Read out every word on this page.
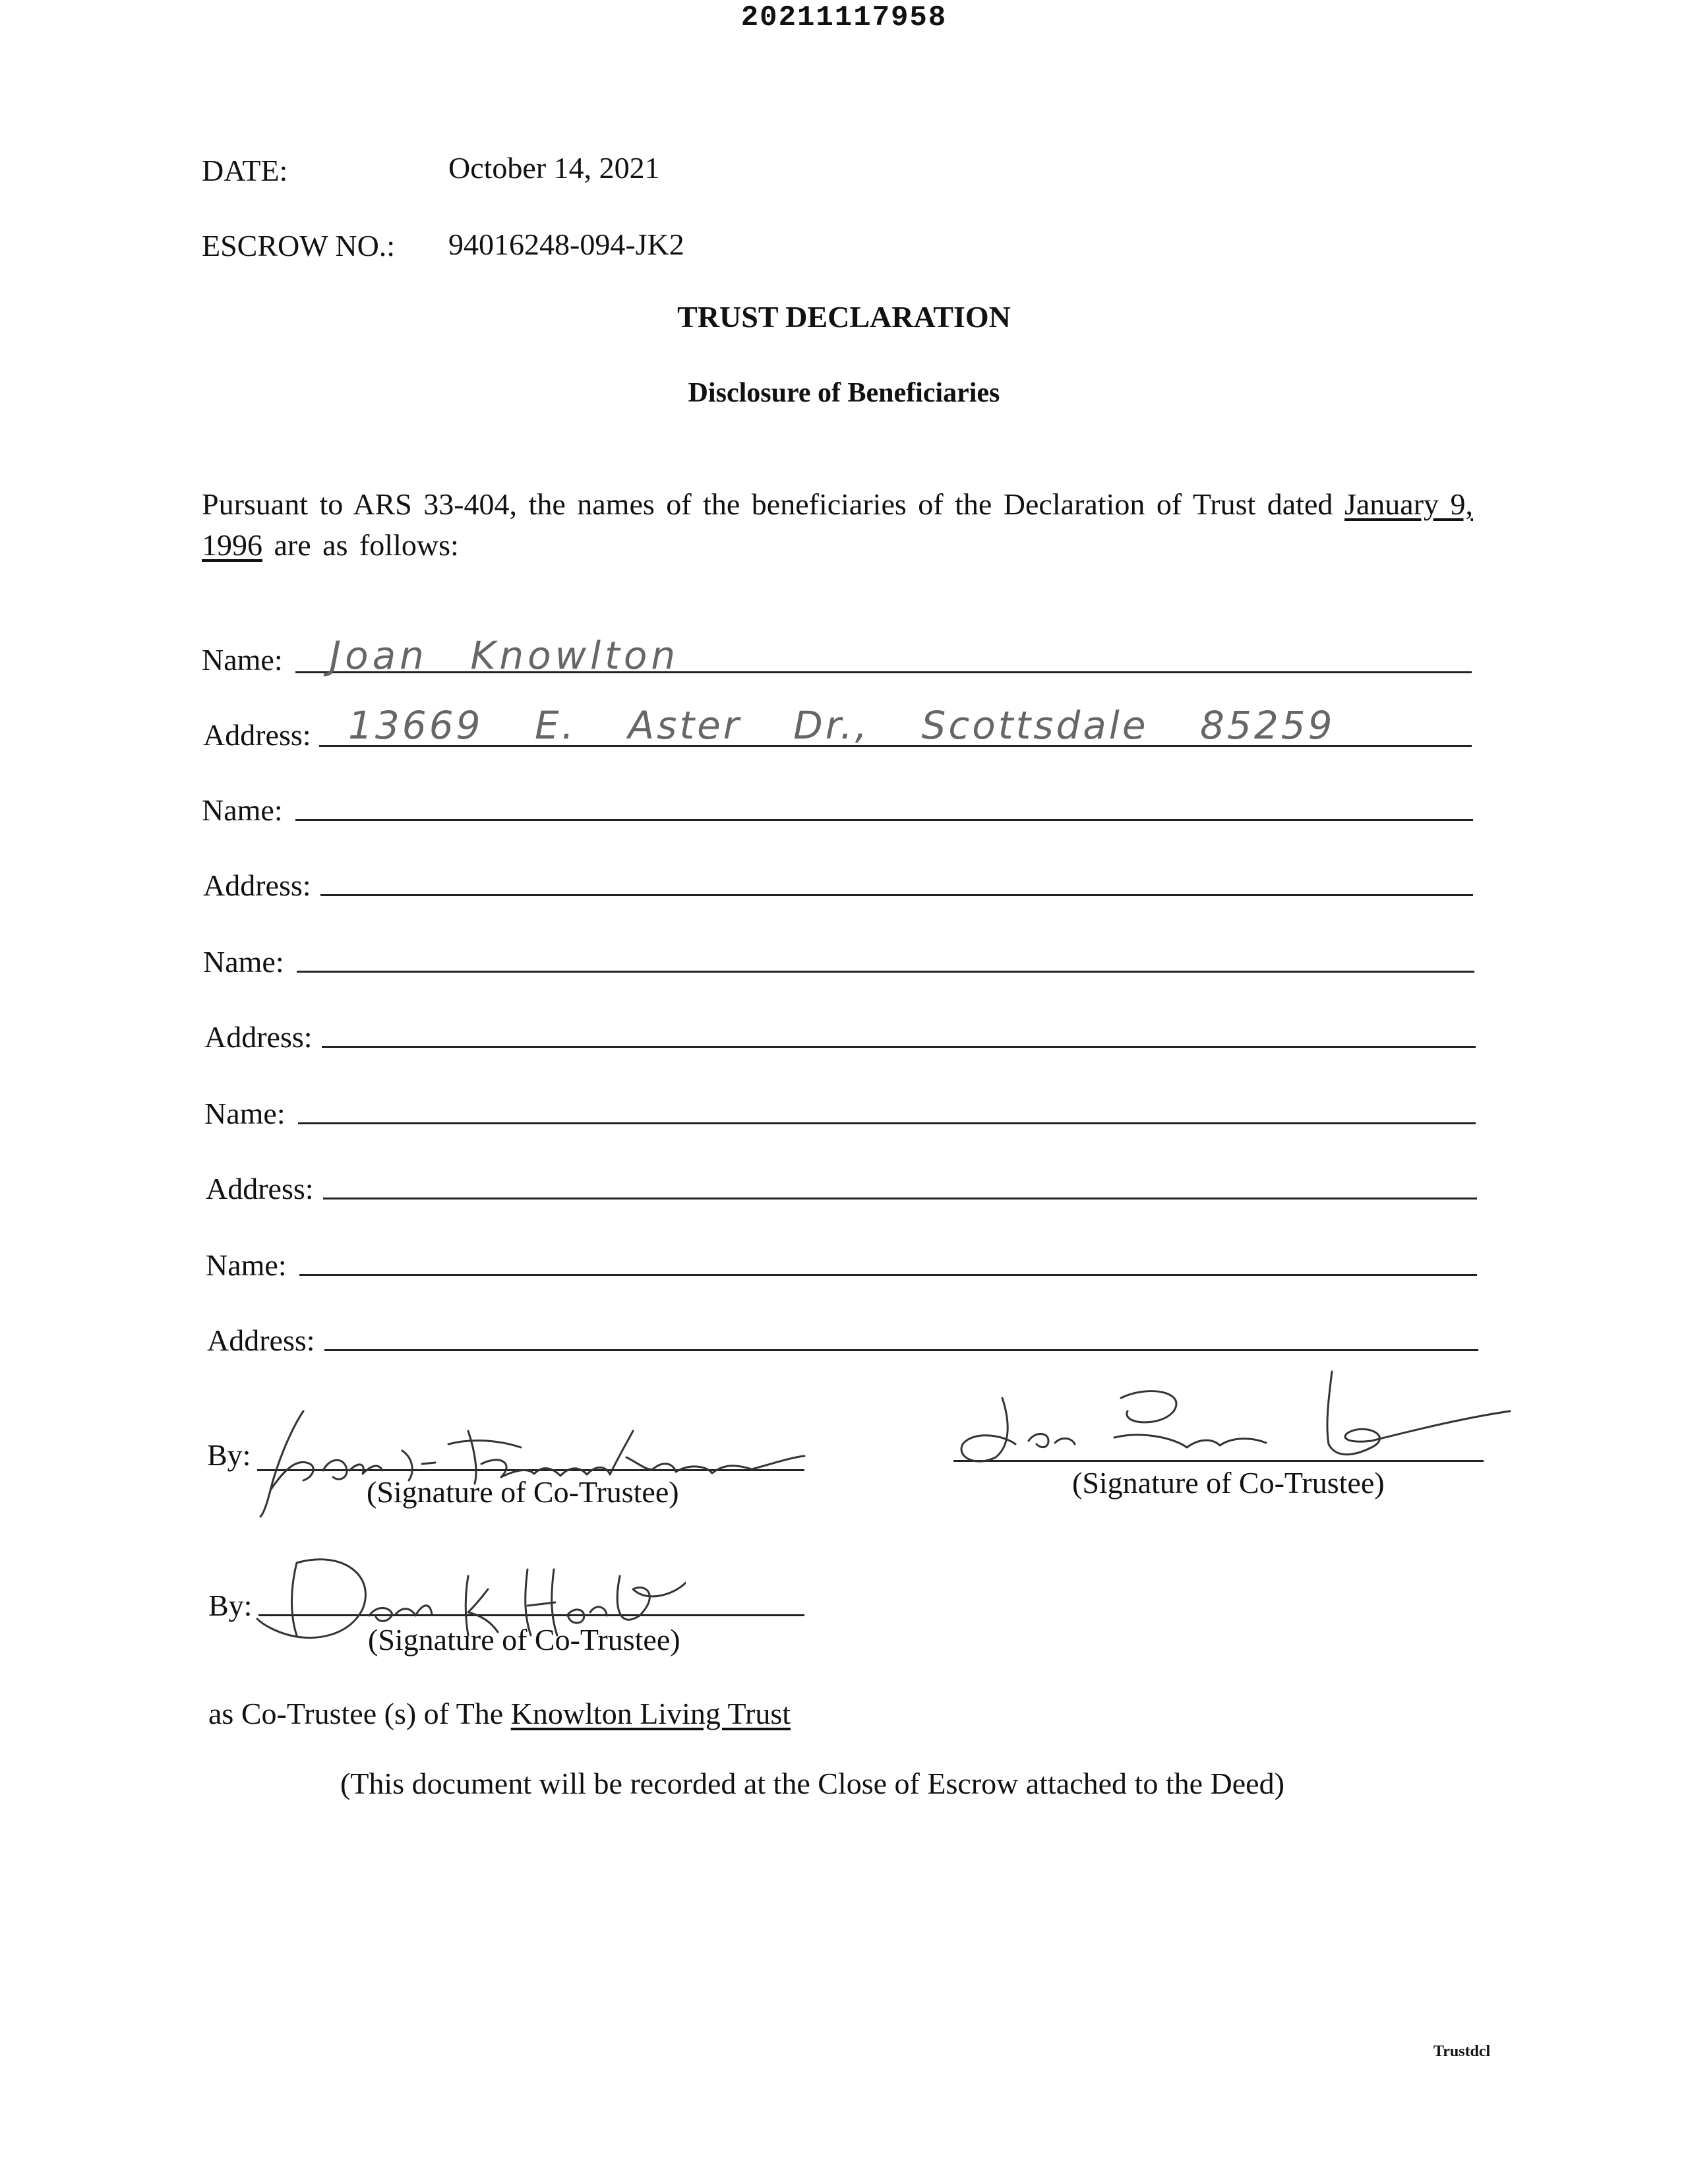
20211117958
DATE:	October 14, 2021
ESCROW NO.: 94016248-094-JK2
TRUST DECLARATION
Disclosure of Beneficiaries
Pursuant to ARS 33-404, the names of the beneficiaries of the Declaration of Trust dated January 9, 1996 are as follows:
Name: Joan Knowlton
Address: 13669 E. Aster Dr., Scottsdale 85259
Name:
Address:
Name:
Address:
Name:
Address:
Name:
Address:
By:
(Signature of Co-Trustee)	(Signature of Co-Trustee)
By:
(Signature of Co-Trustee)
as Co-Trustee (s) of The Knowlton Living Trust
(This document will be recorded at the Close of Escrow attached to the Deed)
Trustdcl
